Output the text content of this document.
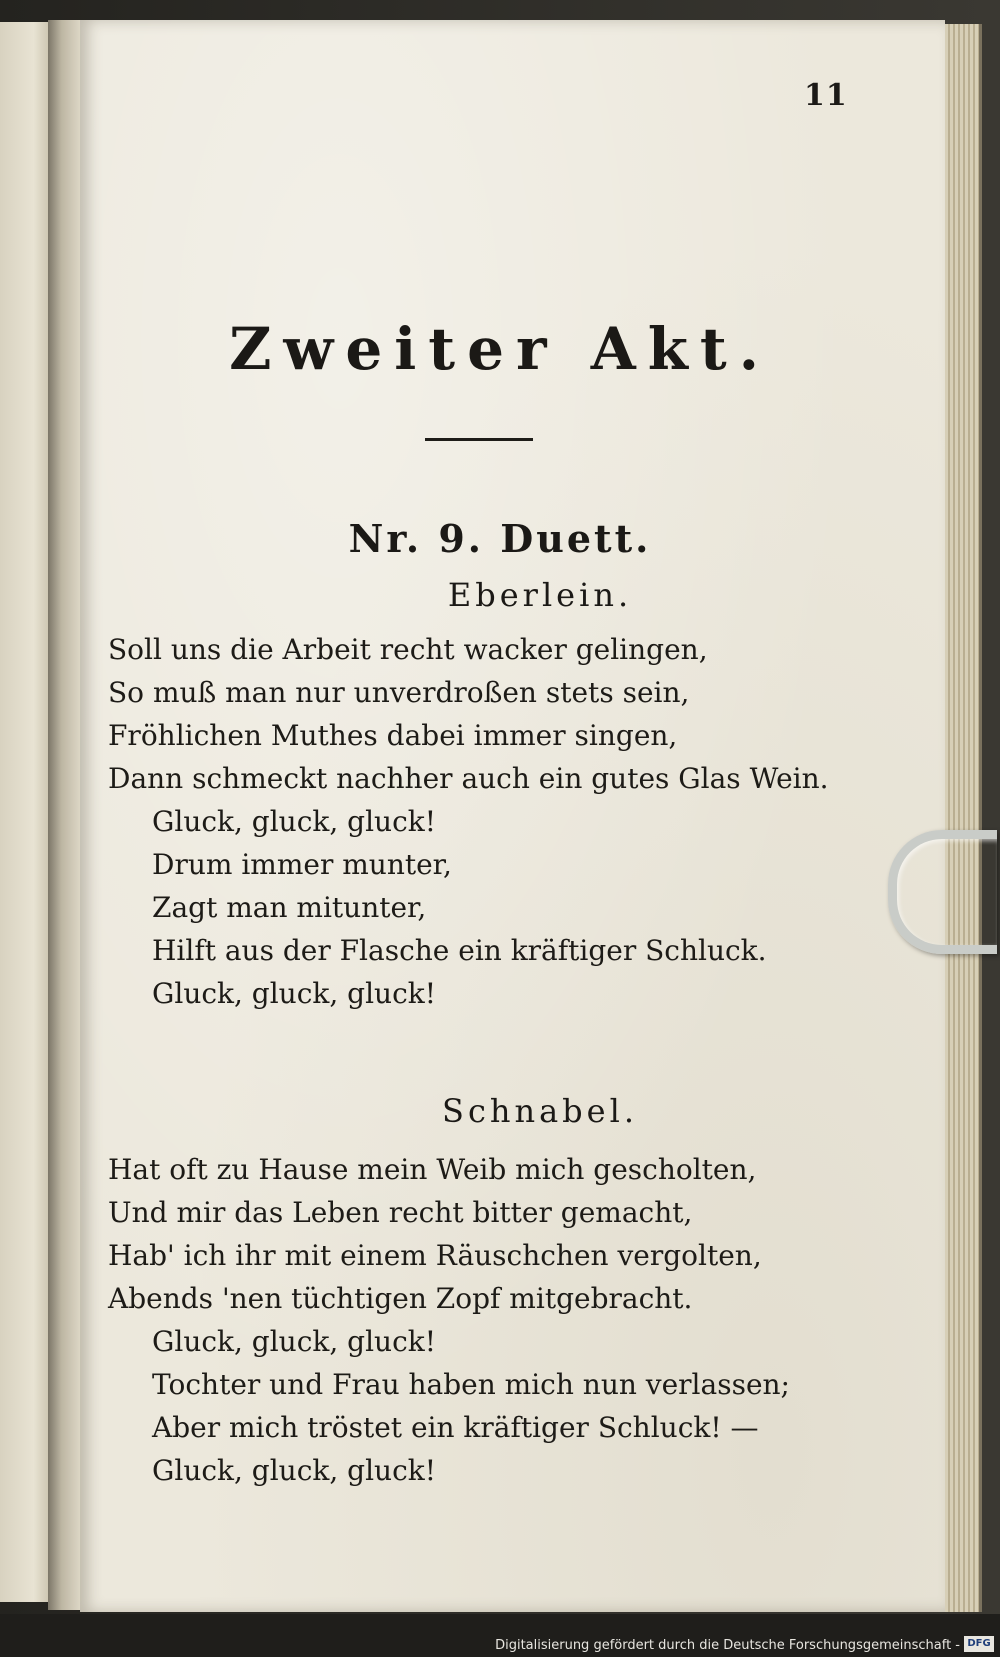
11
Zweiter Akt.
Nr. 9. Duett.
Eberlein.
Soll uns die Arbeit recht wacker gelingen,
So muß man nur unverdroßen stets sein,
Fröhlichen Muthes dabei immer singen,
Dann schmeckt nachher auch ein gutes Glas Wein.
Gluck, gluck, gluck!
Drum immer munter,
Zagt man mitunter,
Hilft aus der Flasche ein kräftiger Schluck.
Gluck, gluck, gluck!
Schnabel.
Hat oft zu Hause mein Weib mich gescholten,
Und mir das Leben recht bitter gemacht,
Hab' ich ihr mit einem Räuschchen vergolten,
Abends 'nen tüchtigen Zopf mitgebracht.
Gluck, gluck, gluck!
Tochter und Frau haben mich nun verlassen;
Aber mich tröstet ein kräftiger Schluck! —
Gluck, gluck, gluck!
Digitalisierung gefördert durch die Deutsche Forschungsgemeinschaft - DFG
